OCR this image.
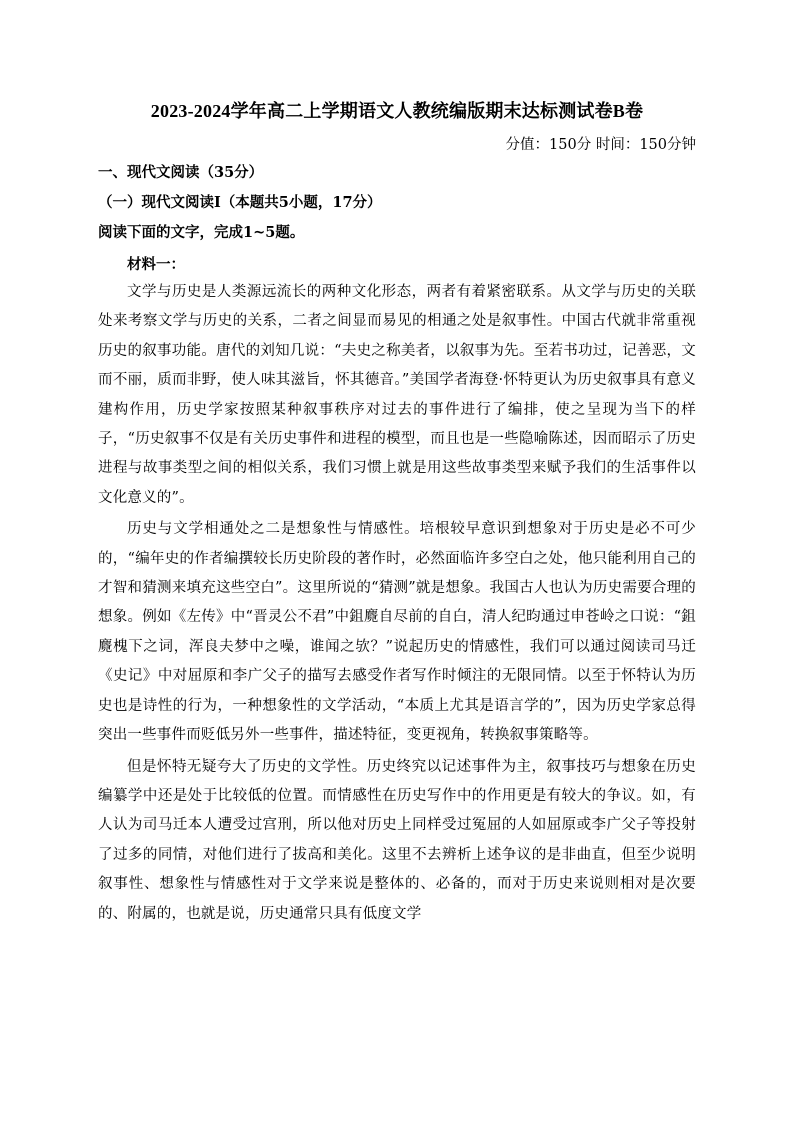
2023-2024学年高二上学期语文人教统编版期末达标测试卷B卷
分值：150分 时间：150分钟
一、现代文阅读（35分）
（一）现代文阅读Ⅰ（本题共5小题，17分）
阅读下面的文字，完成1~5题。
材料一：

文学与历史是人类源远流长的两种文化形态，两者有着紧密联系。从文学与历史的关联处来考察文学与历史的关系，二者之间显而易见的相通之处是叙事性。中国古代就非常重视历史的叙事功能。唐代的刘知几说：“夫史之称美者，以叙事为先。至若书功过，记善恶，文而不丽，质而非野，使人味其滋旨，怀其德音。”美国学者海登·怀特更认为历史叙事具有意义建构作用，历史学家按照某种叙事秩序对过去的事件进行了编排，使之呈现为当下的样子，“历史叙事不仅是有关历史事件和进程的模型，而且也是一些隐喻陈述，因而昭示了历史进程与故事类型之间的相似关系，我们习惯上就是用这些故事类型来赋予我们的生活事件以文化意义的”。

历史与文学相通处之二是想象性与情感性。培根较早意识到想象对于历史是必不可少的，“编年史的作者编撰较长历史阶段的著作时，必然面临许多空白之处，他只能利用自己的才智和猜测来填充这些空白”。这里所说的“猜测”就是想象。我国古人也认为历史需要合理的想象。例如《左传》中“晋灵公不君”中鉏麑自尽前的自白，清人纪昀通过申苍岭之口说：“鉏麑槐下之词，浑良夫梦中之噪，谁闻之欤？”说起历史的情感性，我们可以通过阅读司马迁《史记》中对屈原和李广父子的描写去感受作者写作时倾注的无限同情。以至于怀特认为历史也是诗性的行为，一种想象性的文学活动，“本质上尤其是语言学的”，因为历史学家总得突出一些事件而贬低另外一些事件，描述特征，变更视角，转换叙事策略等。

但是怀特无疑夸大了历史的文学性。历史终究以记述事件为主，叙事技巧与想象在历史编纂学中还是处于比较低的位置。而情感性在历史写作中的作用更是有较大的争议。如，有人认为司马迁本人遭受过宫刑，所以他对历史上同样受过冤屈的人如屈原或李广父子等投射了过多的同情，对他们进行了拔高和美化。这里不去辨析上述争议的是非曲直，但至少说明叙事性、想象性与情感性对于文学来说是整体的、必备的，而对于历史来说则相对是次要的、附属的，也就是说，历史通常只具有低度文学
